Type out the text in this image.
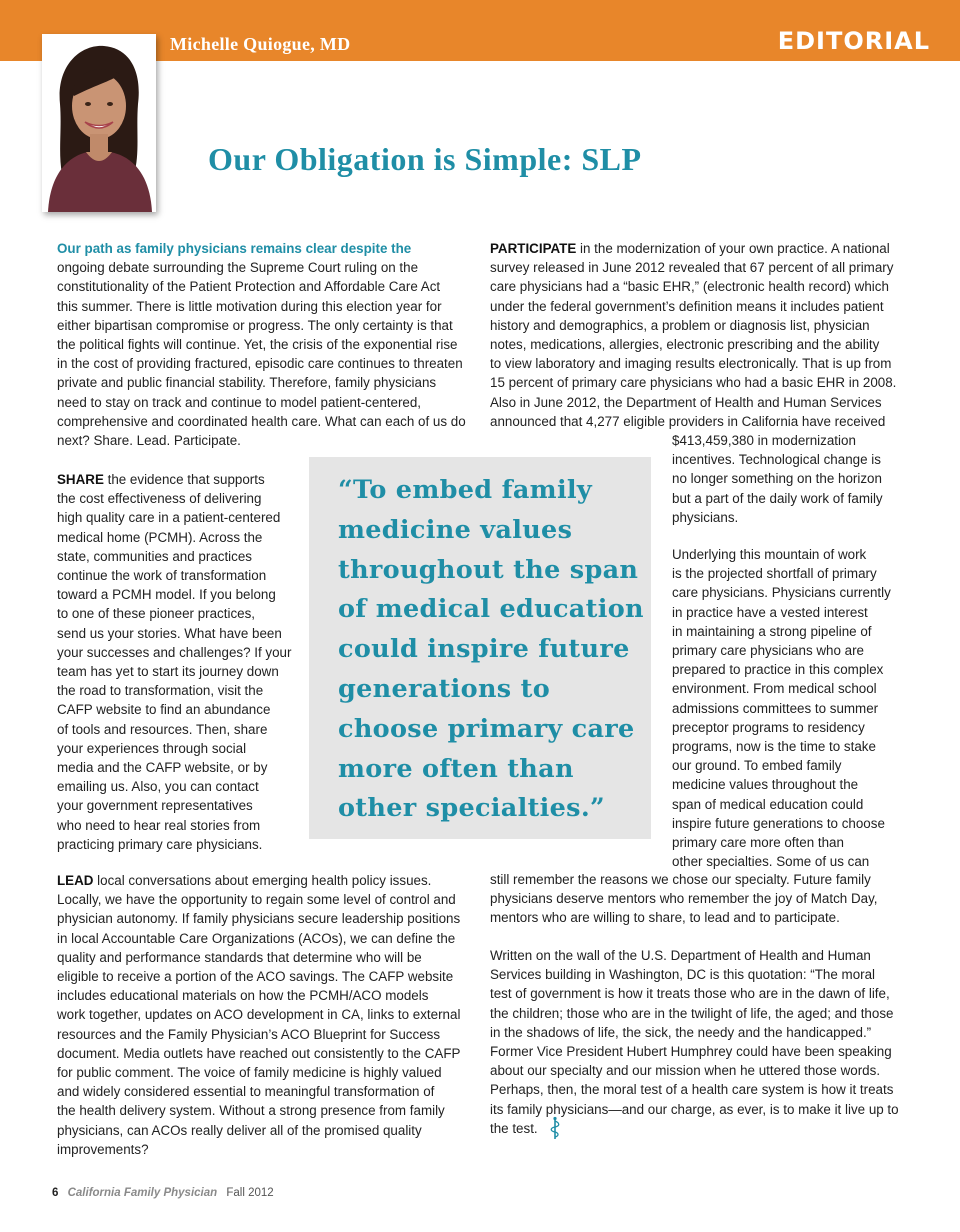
Michelle Quiogue, MD	EDITORIAL
Our Obligation is Simple: SLP
Our path as family physicians remains clear despite the
ongoing debate surrounding the Supreme Court ruling on the
constitutionality of the Patient Protection and Affordable Care Act
this summer. There is little motivation during this election year for
either bipartisan compromise or progress. The only certainty is that
the political fights will continue. Yet, the crisis of the exponential rise
in the cost of providing fractured, episodic care continues to threaten
private and public financial stability. Therefore, family physicians
need to stay on track and continue to model patient-centered,
comprehensive and coordinated health care. What can each of us do
next? Share. Lead. Participate.
SHARE the evidence that supports
the cost effectiveness of delivering
high quality care in a patient-centered
medical home (PCMH). Across the
state, communities and practices
continue the work of transformation
toward a PCMH model. If you belong
to one of these pioneer practices,
send us your stories. What have been
your successes and challenges? If your
team has yet to start its journey down
the road to transformation, visit the
CAFP website to find an abundance
of tools and resources. Then, share
your experiences through social
media and the CAFP website, or by
emailing us. Also, you can contact
your government representatives
who need to hear real stories from
practicing primary care physicians.
LEAD local conversations about emerging health policy issues.
Locally, we have the opportunity to regain some level of control and
physician autonomy. If family physicians secure leadership positions
in local Accountable Care Organizations (ACOs), we can define the
quality and performance standards that determine who will be
eligible to receive a portion of the ACO savings. The CAFP website
includes educational materials on how the PCMH/ACO models
work together, updates on ACO development in CA, links to external
resources and the Family Physician’s ACO Blueprint for Success
document. Media outlets have reached out consistently to the CAFP
for public comment. The voice of family medicine is highly valued
and widely considered essential to meaningful transformation of
the health delivery system. Without a strong presence from family
physicians, can ACOs really deliver all of the promised quality
improvements?
PARTICIPATE in the modernization of your own practice. A national
survey released in June 2012 revealed that 67 percent of all primary
care physicians had a “basic EHR,” (electronic health record) which
under the federal government’s definition means it includes patient
history and demographics, a problem or diagnosis list, physician
notes, medications, allergies, electronic prescribing and the ability
to view laboratory and imaging results electronically. That is up from
15 percent of primary care physicians who had a basic EHR in 2008.
Also in June 2012, the Department of Health and Human Services
announced that 4,277 eligible providers in California have received
$413,459,380 in modernization
incentives. Technological change is
no longer something on the horizon
but a part of the daily work of family
physicians.
Underlying this mountain of work
is the projected shortfall of primary
care physicians. Physicians currently
in practice have a vested interest
in maintaining a strong pipeline of
primary care physicians who are
prepared to practice in this complex
environment. From medical school
admissions committees to summer
preceptor programs to residency
programs, now is the time to stake
our ground. To embed family
medicine values throughout the
span of medical education could
inspire future generations to choose
primary care more often than
other specialties. Some of us can
still remember the reasons we chose our specialty. Future family
physicians deserve mentors who remember the joy of Match Day,
mentors who are willing to share, to lead and to participate.
Written on the wall of the U.S. Department of Health and Human
Services building in Washington, DC is this quotation: “The moral
test of government is how it treats those who are in the dawn of life,
the children; those who are in the twilight of life, the aged; and those
in the shadows of life, the sick, the needy and the handicapped.”
Former Vice President Hubert Humphrey could have been speaking
about our specialty and our mission when he uttered those words.
Perhaps, then, the moral test of a health care system is how it treats
its family physicians—and our charge, as ever, is to make it live up to
the test.
“To embed family medicine values throughout the span of medical education could inspire future generations to choose primary care more often than other specialties.”
6 California Family Physician Fall 2012
